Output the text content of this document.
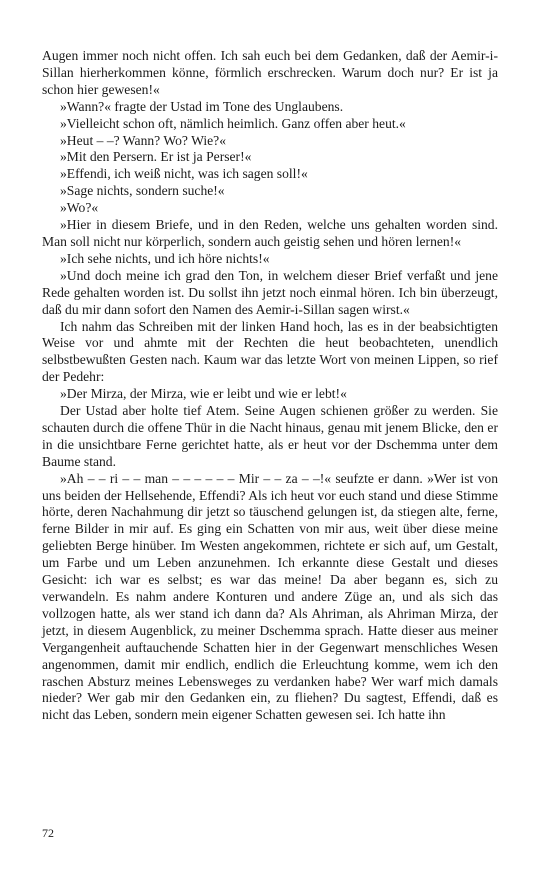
Augen immer noch nicht offen. Ich sah euch bei dem Gedanken, daß der Aemir-i-Sillan hierherkommen könne, förmlich erschrecken. Warum doch nur? Er ist ja schon hier gewesen!«

»Wann?« fragte der Ustad im Tone des Unglaubens.

»Vielleicht schon oft, nämlich heimlich. Ganz offen aber heut.«

»Heut – –? Wann? Wo? Wie?«

»Mit den Persern. Er ist ja Perser!«

»Effendi, ich weiß nicht, was ich sagen soll!«

»Sage nichts, sondern suche!«

»Wo?«

»Hier in diesem Briefe, und in den Reden, welche uns gehalten worden sind. Man soll nicht nur körperlich, sondern auch geistig sehen und hören lernen!«

»Ich sehe nichts, und ich höre nichts!«

»Und doch meine ich grad den Ton, in welchem dieser Brief verfaßt und jene Rede gehalten worden ist. Du sollst ihn jetzt noch einmal hören. Ich bin überzeugt, daß du mir dann sofort den Namen des Aemir-i-Sillan sagen wirst.«

Ich nahm das Schreiben mit der linken Hand hoch, las es in der beabsichtigten Weise vor und ahmte mit der Rechten die heut beobachteten, unendlich selbstbewußten Gesten nach. Kaum war das letzte Wort von meinen Lippen, so rief der Pedehr:

»Der Mirza, der Mirza, wie er leibt und wie er lebt!«

Der Ustad aber holte tief Atem. Seine Augen schienen größer zu werden. Sie schauten durch die offene Thür in die Nacht hinaus, genau mit jenem Blicke, den er in die unsichtbare Ferne gerichtet hatte, als er heut vor der Dschemma unter dem Baume stand.

»Ah – – ri – – man – – – – – – Mir – – za – –!« seufzte er dann. »Wer ist von uns beiden der Hellsehende, Effendi? Als ich heut vor euch stand und diese Stimme hörte, deren Nachahmung dir jetzt so täuschend gelungen ist, da stiegen alte, ferne, ferne Bilder in mir auf. Es ging ein Schatten von mir aus, weit über diese meine geliebten Berge hinüber. Im Westen angekommen, richtete er sich auf, um Gestalt, um Farbe und um Leben anzunehmen. Ich erkannte diese Gestalt und dieses Gesicht: ich war es selbst; es war das meine! Da aber begann es, sich zu verwandeln. Es nahm andere Konturen und andere Züge an, und als sich das vollzogen hatte, als wer stand ich dann da? Als Ahriman, als Ahriman Mirza, der jetzt, in diesem Augenblick, zu meiner Dschemma sprach. Hatte dieser aus meiner Vergangenheit auftauchende Schatten hier in der Gegenwart menschliches Wesen angenommen, damit mir endlich, endlich die Erleuchtung komme, wem ich den raschen Absturz meines Lebensweges zu verdanken habe? Wer warf mich damals nieder? Wer gab mir den Gedanken ein, zu fliehen? Du sagtest, Effendi, daß es nicht das Leben, sondern mein eigener Schatten gewesen sei. Ich hatte ihn

72
